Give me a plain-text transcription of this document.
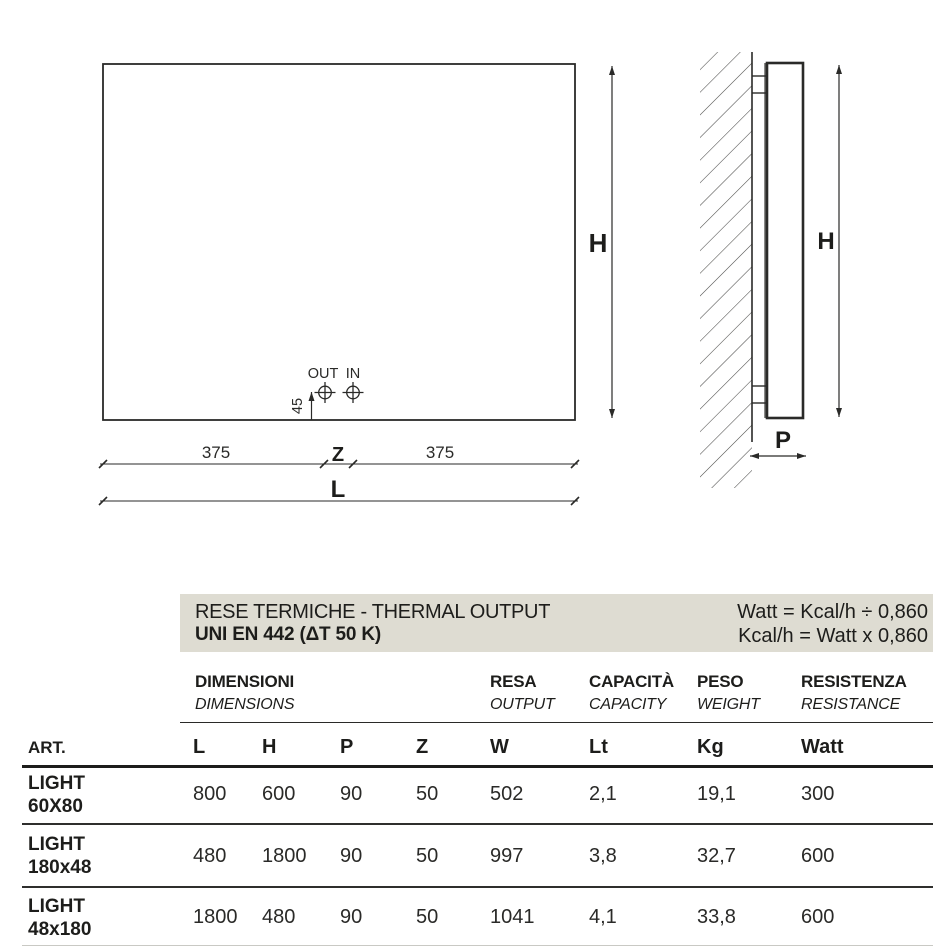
H
OUT IN
45
375	Z	375
L
H
P
RESE TERMICHE - THERMAL OUTPUT
UNI EN 442 (ΔT 50 K)
Watt = Kcal/h ÷ 0,860
Kcal/h = Watt x 0,860
DIMENSIONI
DIMENSIONS
RESA
OUTPUT
CAPACITÀ
CAPACITY
PESO
WEIGHT
RESISTENZA
RESISTANCE
ART.	L	H	P	Z	W	Lt	Kg	Watt
LIGHT
60X80
800 600 90	50	502	2,1	19,1	300
LIGHT
180x48
480 1800 90	50	997	3,8	32,7	600
LIGHT
48x180
1800 480 90	50	1041	4,1	33,8	600
